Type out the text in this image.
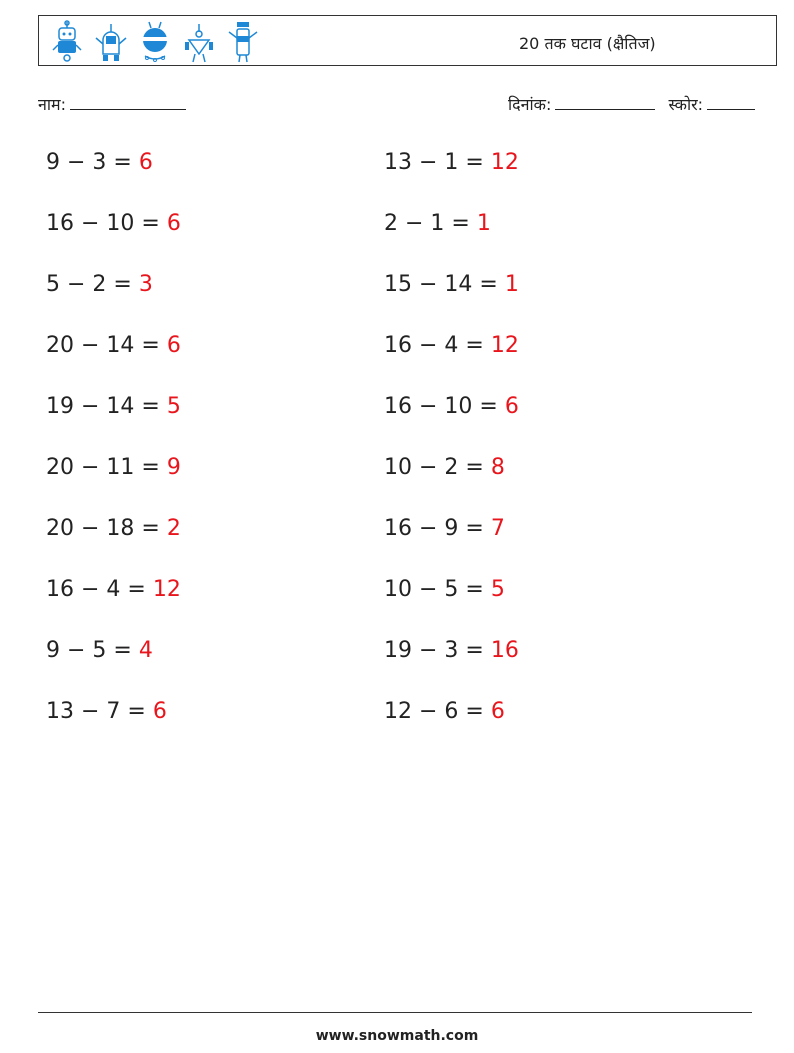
20 तक घटाव (क्षैतिज)
नाम:	दिनांक:	स्कोर:
9 − 3 = 6	13 − 1 = 12
16 − 10 = 6	2 − 1 = 1
5 − 2 = 3	15 − 14 = 1
20 − 14 = 6	16 − 4 = 12
19 − 14 = 5	16 − 10 = 6
20 − 11 = 9	10 − 2 = 8
20 − 18 = 2	16 − 9 = 7
16 − 4 = 12	10 − 5 = 5
9 − 5 = 4	19 − 3 = 16
13 − 7 = 6	12 − 6 = 6
www.snowmath.com
